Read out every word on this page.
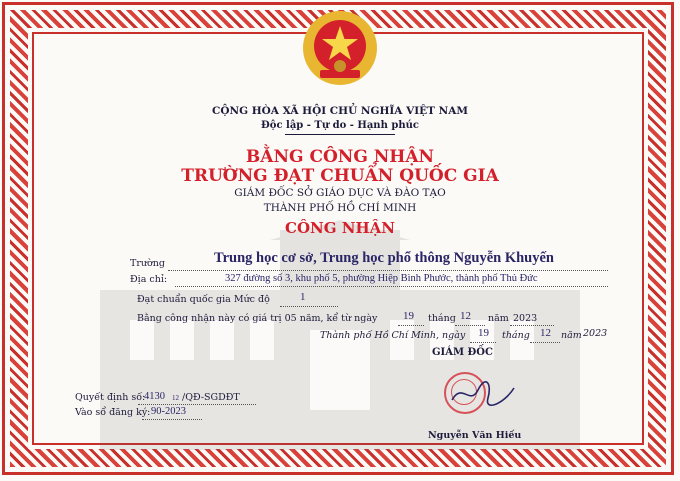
CỘNG HÒA XÃ HỘI CHỦ NGHĨA VIỆT NAM
Độc lập - Tự do - Hạnh phúc
BẰNG CÔNG NHẬN
TRƯỜNG ĐẠT CHUẨN QUỐC GIA
GIÁM ĐỐC SỞ GIÁO DỤC VÀ ĐÀO TẠO
THÀNH PHỐ HỒ CHÍ MINH
CÔNG NHẬN
Trường	Trung học cơ sở, Trung học phổ thông Nguyễn Khuyến
Địa chỉ:	327 đường số 3, khu phố 5, phường Hiệp Bình Phước, thành phố Thủ Đức
Đạt chuẩn quốc gia Mức độ	1
Bằng công nhận này có giá trị 05 năm, kể từ ngày 19 tháng 12 năm 2023
Thành phố Hồ Chí Minh, ngày 19 tháng 12 năm 2023
GIÁM ĐỐC
Nguyễn Văn Hiếu
Quyết định số:
4130 12 /QĐ-SGDĐT
Vào sổ đăng ký: 90-2023
